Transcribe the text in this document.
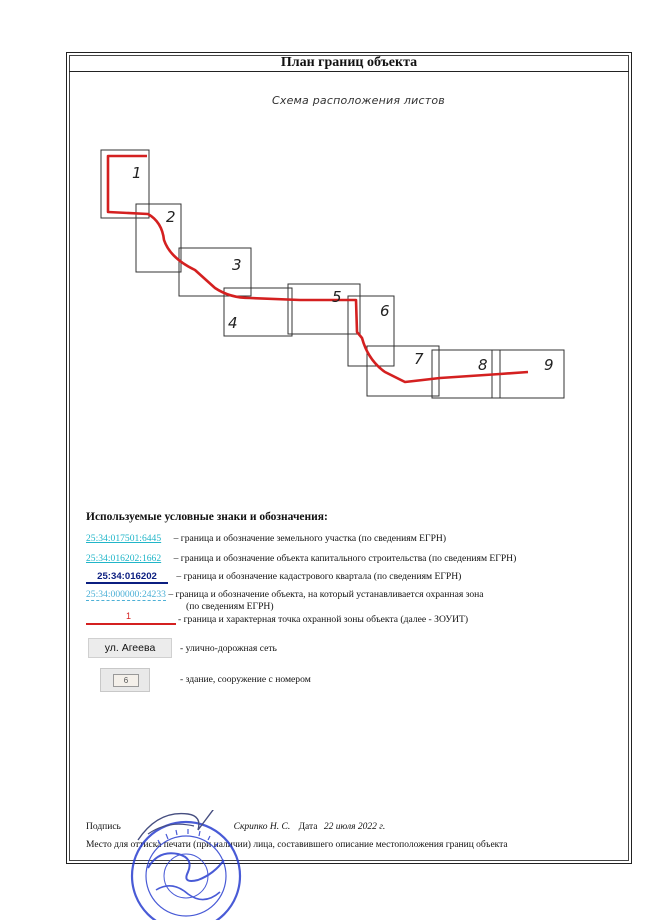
План границ объекта
Схема расположения листов
1
2
3
4
5
6
7	8	9
Используемые условные знаки и обозначения:
25:34:017501:6445 – граница и обозначение земельного участка (по сведениям ЕГРН)
25:34:016202:1662 – граница и обозначение объекта капитального строительства (по сведениям ЕГРН)
25:34:016202 – граница и обозначение кадастрового квартала (по сведениям ЕГРН)
25:34:000000:24233 – граница и обозначение объекта, на который устанавливается охранная зона
(по сведениям ЕГРН)
1	- граница и характерная точка охранной зоны объекта (далее - ЗОУИТ)
ул. Агеева	- улично-дорожная сеть
6	- здание, сооружение с номером
Подпись	Скрипко Н. С. Дата 22 июля 2022 г.
Место для оттиска печати (при наличии) лица, составившего описание местоположения границ объекта
